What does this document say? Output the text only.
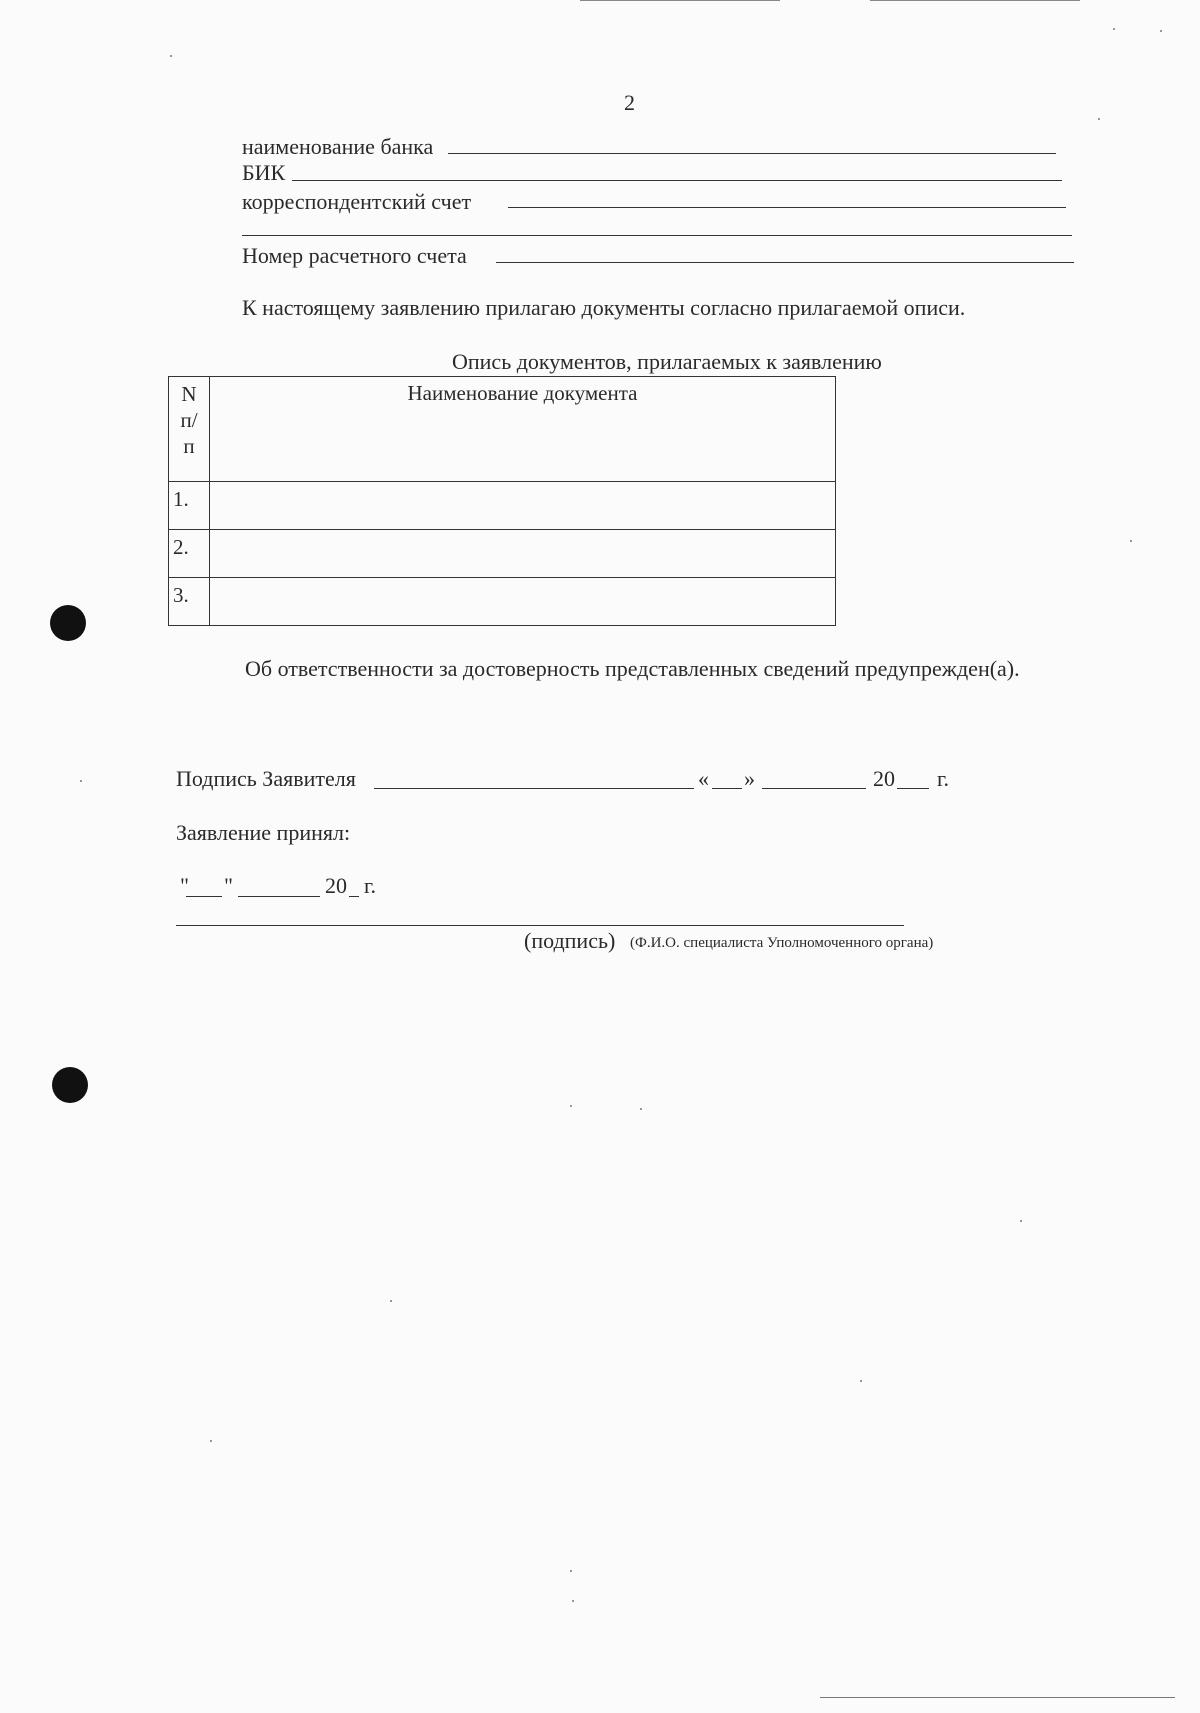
2
наименование банка
БИК
корреспондентский счет
Номер расчетного счета
К настоящему заявлению прилагаю документы согласно прилагаемой описи.
Опись документов, прилагаемых к заявлению
N
п/
п	Наименование документа
1.	
2.	
3.	
Об ответственности за достоверность представленных сведений предупрежден(а).
Подпись Заявителя	« »	20 г.
Заявление принял:
" "	20 г.
(подпись) (Ф.И.О. специалиста Уполномоченного органа)
